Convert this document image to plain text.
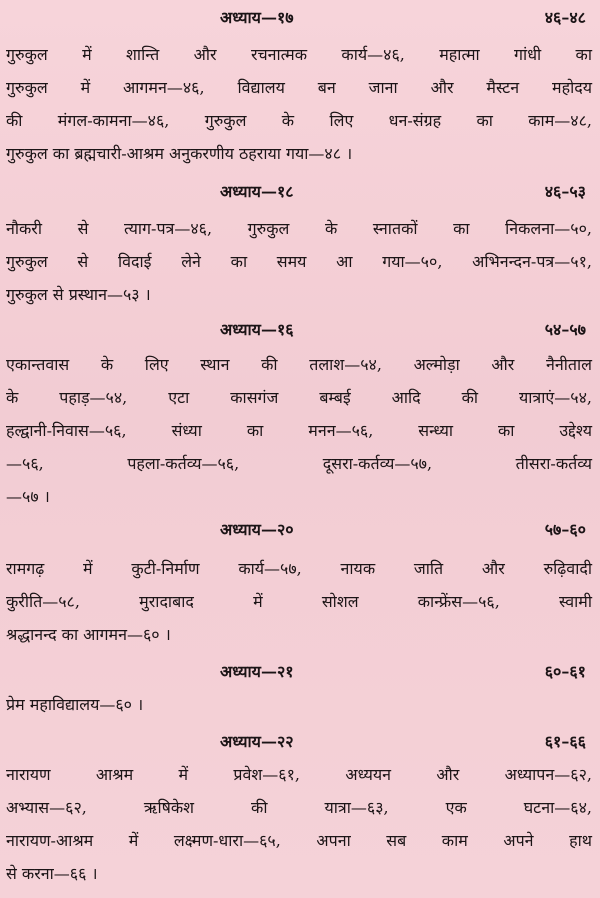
अध्याय—१७	४६–४८
गुरुकुल में शान्ति और रचनात्मक कार्य—४६, महात्मा गांधी का
गुरुकुल में आगमन—४६, विद्यालय बन जाना और मैस्टन महोदय
की मंगल-कामना—४६, गुरुकुल के लिए धन-संग्रह का काम—४८,
गुरुकुल का ब्रह्मचारी-आश्रम अनुकरणीय ठहराया गया—४८ ।
अध्याय—१८	४६–५३
नौकरी से त्याग-पत्र—४६, गुरुकुल के स्नातकों का निकलना—५०,
गुरुकुल से विदाई लेने का समय आ गया—५०, अभिनन्दन-पत्र—५१,
गुरुकुल से प्रस्थान—५३ ।
अध्याय—१६	५४–५७
एकान्तवास के लिए स्थान की तलाश—५४, अल्मोड़ा और नैनीताल
के पहाड़—५४, एटा कासगंज बम्बई आदि की यात्राएं—५४,
हल्द्वानी-निवास—५६, संध्या का मनन—५६, सन्ध्या का उद्देश्य
—५६, पहला-कर्तव्य—५६, दूसरा-कर्तव्य—५७, तीसरा-कर्तव्य
—५७ ।
अध्याय—२०	५७–६०
रामगढ़ में कुटी-निर्माण कार्य—५७, नायक जाति और रुढ़िवादी
कुरीति—५८, मुरादाबाद में सोशल कान्फ्रेंस—५६, स्वामी
श्रद्धानन्द का आगमन—६० ।
अध्याय—२१	६०–६१
प्रेम महाविद्यालय—६० ।
अध्याय—२२	६१–६६
नारायण आश्रम में प्रवेश—६१, अध्ययन और अध्यापन—६२,
अभ्यास—६२, ऋषिकेश की यात्रा—६३, एक घटना—६४,
नारायण-आश्रम में लक्ष्मण-धारा—६५, अपना सब काम अपने हाथ
से करना—६६ ।
